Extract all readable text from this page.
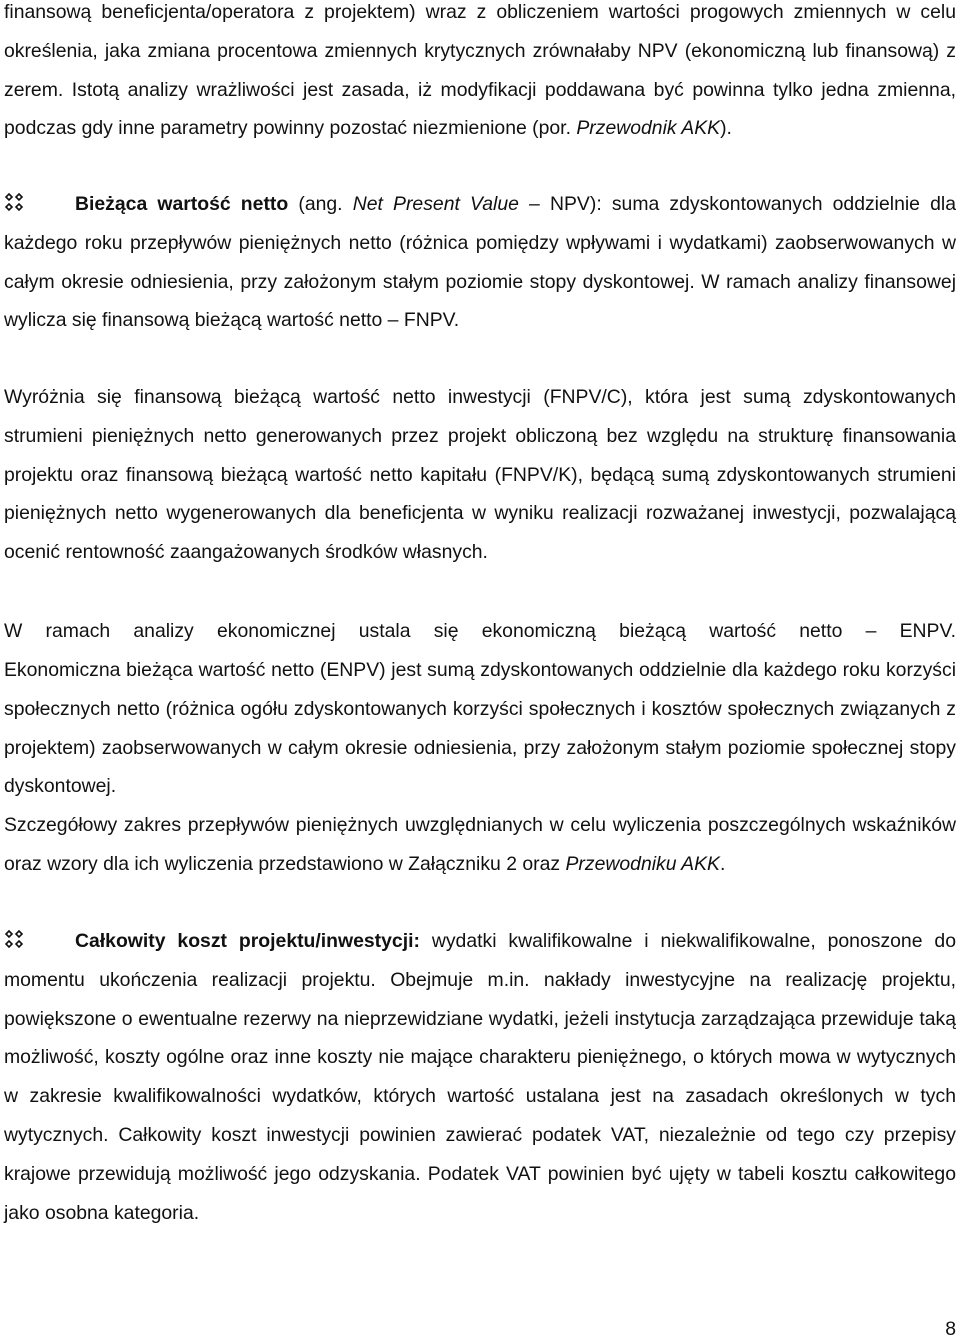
finansową beneficjenta/operatora z projektem) wraz z obliczeniem wartości progowych zmiennych w celu określenia, jaka zmiana procentowa zmiennych krytycznych zrównałaby NPV (ekonomiczną lub finansową) z zerem. Istotą analizy wrażliwości jest zasada, iż modyfikacji poddawana być powinna tylko jedna zmienna, podczas gdy inne parametry powinny pozostać niezmienione (por. Przewodnik AKK).

Bieżąca wartość netto (ang. Net Present Value – NPV): suma zdyskontowanych oddzielnie dla każdego roku przepływów pieniężnych netto (różnica pomiędzy wpływami i wydatkami) zaobserwowanych w całym okresie odniesienia, przy założonym stałym poziomie stopy dyskontowej. W ramach analizy finansowej wylicza się finansową bieżącą wartość netto – FNPV.

Wyróżnia się finansową bieżącą wartość netto inwestycji (FNPV/C), która jest sumą zdyskontowanych strumieni pieniężnych netto generowanych przez projekt obliczoną bez względu na strukturę finansowania projektu oraz finansową bieżącą wartość netto kapitału (FNPV/K), będącą sumą zdyskontowanych strumieni pieniężnych netto wygenerowanych dla beneficjenta w wyniku realizacji rozważanej inwestycji, pozwalającą ocenić rentowność zaangażowanych środków własnych.

W ramach analizy ekonomicznej ustala się ekonomiczną bieżącą wartość netto – ENPV.

Ekonomiczna bieżąca wartość netto (ENPV) jest sumą zdyskontowanych oddzielnie dla każdego roku korzyści społecznych netto (różnica ogółu zdyskontowanych korzyści społecznych i kosztów społecznych związanych z projektem) zaobserwowanych w całym okresie odniesienia, przy założonym stałym poziomie społecznej stopy dyskontowej.

Szczegółowy zakres przepływów pieniężnych uwzględnianych w celu wyliczenia poszczególnych wskaźników oraz wzory dla ich wyliczenia przedstawiono w Załączniku 2 oraz Przewodniku AKK.

Całkowity koszt projektu/inwestycji: wydatki kwalifikowalne i niekwalifikowalne, ponoszone do momentu ukończenia realizacji projektu. Obejmuje m.in. nakłady inwestycyjne na realizację projektu, powiększone o ewentualne rezerwy na nieprzewidziane wydatki, jeżeli instytucja zarządzająca przewiduje taką możliwość, koszty ogólne oraz inne koszty nie mające charakteru pieniężnego, o których mowa w wytycznych w zakresie kwalifikowalności wydatków, których wartość ustalana jest na zasadach określonych w tych wytycznych. Całkowity koszt inwestycji powinien zawierać podatek VAT, niezależnie od tego czy przepisy krajowe przewidują możliwość jego odzyskania. Podatek VAT powinien być ujęty w tabeli kosztu całkowitego jako osobna kategoria.

8
